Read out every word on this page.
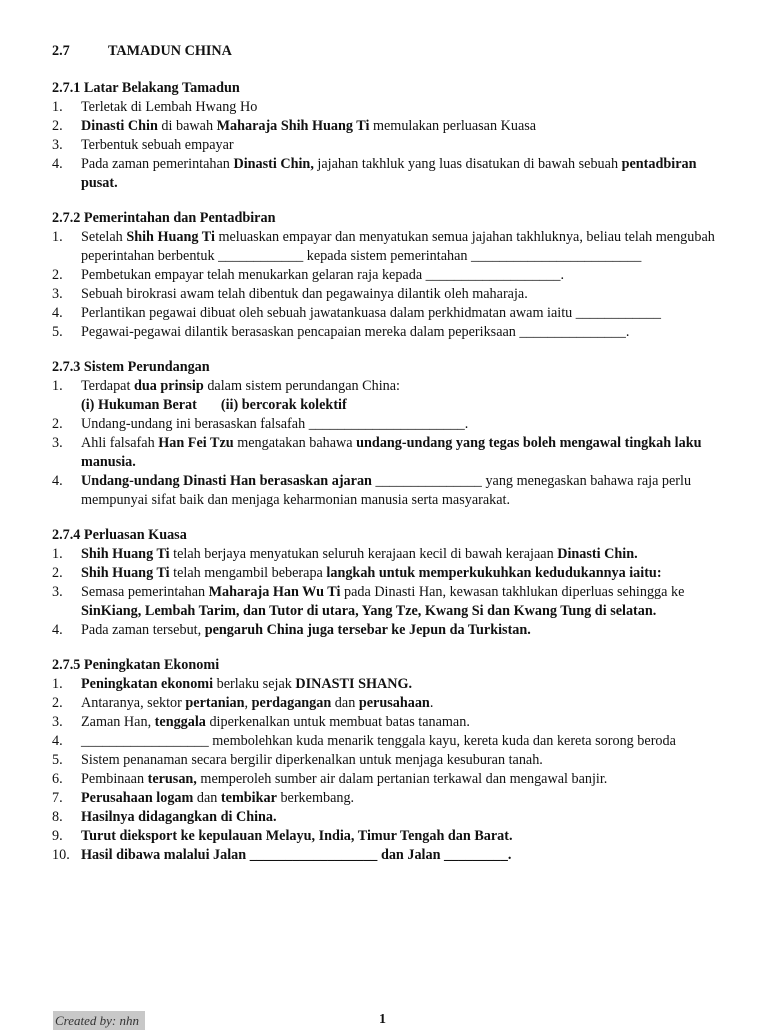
2.7	TAMADUN CHINA
2.7.1 Latar Belakang Tamadun
1.	Terletak di Lembah Hwang Ho
2.	Dinasti Chin di bawah Maharaja Shih Huang Ti memulakan perluasan Kuasa
3.	Terbentuk sebuah empayar
4.	Pada zaman pemerintahan Dinasti Chin, jajahan takhluk yang luas disatukan di bawah sebuah pentadbiran pusat.
2.7.2 Pemerintahan dan Pentadbiran
1.	Setelah Shih Huang Ti meluaskan empayar dan menyatukan semua jajahan takhluknya, beliau telah mengubah peperintahan berbentuk ____________ kepada sistem pemerintahan ________________________
2.	Pembetukan empayar telah menukarkan gelaran raja kepada ___________________.
3.	Sebuah birokrasi awam telah dibentuk dan pegawainya dilantik oleh maharaja.
4.	Perlantikan pegawai dibuat oleh sebuah jawatankuasa dalam perkhidmatan awam iaitu ____________
5.	Pegawai-pegawai dilantik berasaskan pencapaian mereka dalam peperiksaan _______________.
2.7.3 Sistem Perundangan
1.	Terdapat dua prinsip dalam sistem perundangan China:
(i) Hukuman Berat (ii) bercorak kolektif
2.	Undang-undang ini berasaskan falsafah ______________________.
3.	Ahli falsafah Han Fei Tzu mengatakan bahawa undang-undang yang tegas boleh mengawal tingkah laku manusia.
4.	Undang-undang Dinasti Han berasaskan ajaran _______________ yang menegaskan bahawa raja perlu mempunyai sifat baik dan menjaga keharmonian manusia serta masyarakat.
2.7.4 Perluasan Kuasa
1.	Shih Huang Ti telah berjaya menyatukan seluruh kerajaan kecil di bawah kerajaan Dinasti Chin.
2.	Shih Huang Ti telah mengambil beberapa langkah untuk memperkukuhkan kedudukannya iaitu:
3.	Semasa pemerintahan Maharaja Han Wu Ti pada Dinasti Han, kewasan takhlukan diperluas sehingga ke SinKiang, Lembah Tarim, dan Tutor di utara, Yang Tze, Kwang Si dan Kwang Tung di selatan.
4.	Pada zaman tersebut, pengaruh China juga tersebar ke Jepun da Turkistan.
2.7.5 Peningkatan Ekonomi
1.	Peningkatan ekonomi berlaku sejak DINASTI SHANG.
2.	Antaranya, sektor pertanian, perdagangan dan perusahaan.
3.	Zaman Han, tenggala diperkenalkan untuk membuat batas tanaman.
4.	__________________ membolehkan kuda menarik tenggala kayu, kereta kuda dan kereta sorong beroda
5.	Sistem penanaman secara bergilir diperkenalkan untuk menjaga kesuburan tanah.
6.	Pembinaan terusan, memperoleh sumber air dalam pertanian terkawal dan mengawal banjir.
7.	Perusahaan logam dan tembikar berkembang.
8.	Hasilnya didagangkan di China.
9.	Turut dieksport ke kepulauan Melayu, India, Timur Tengah dan Barat.
10. Hasil dibawa malalui Jalan __________________ dan Jalan _________.
Created by: nhn	1
